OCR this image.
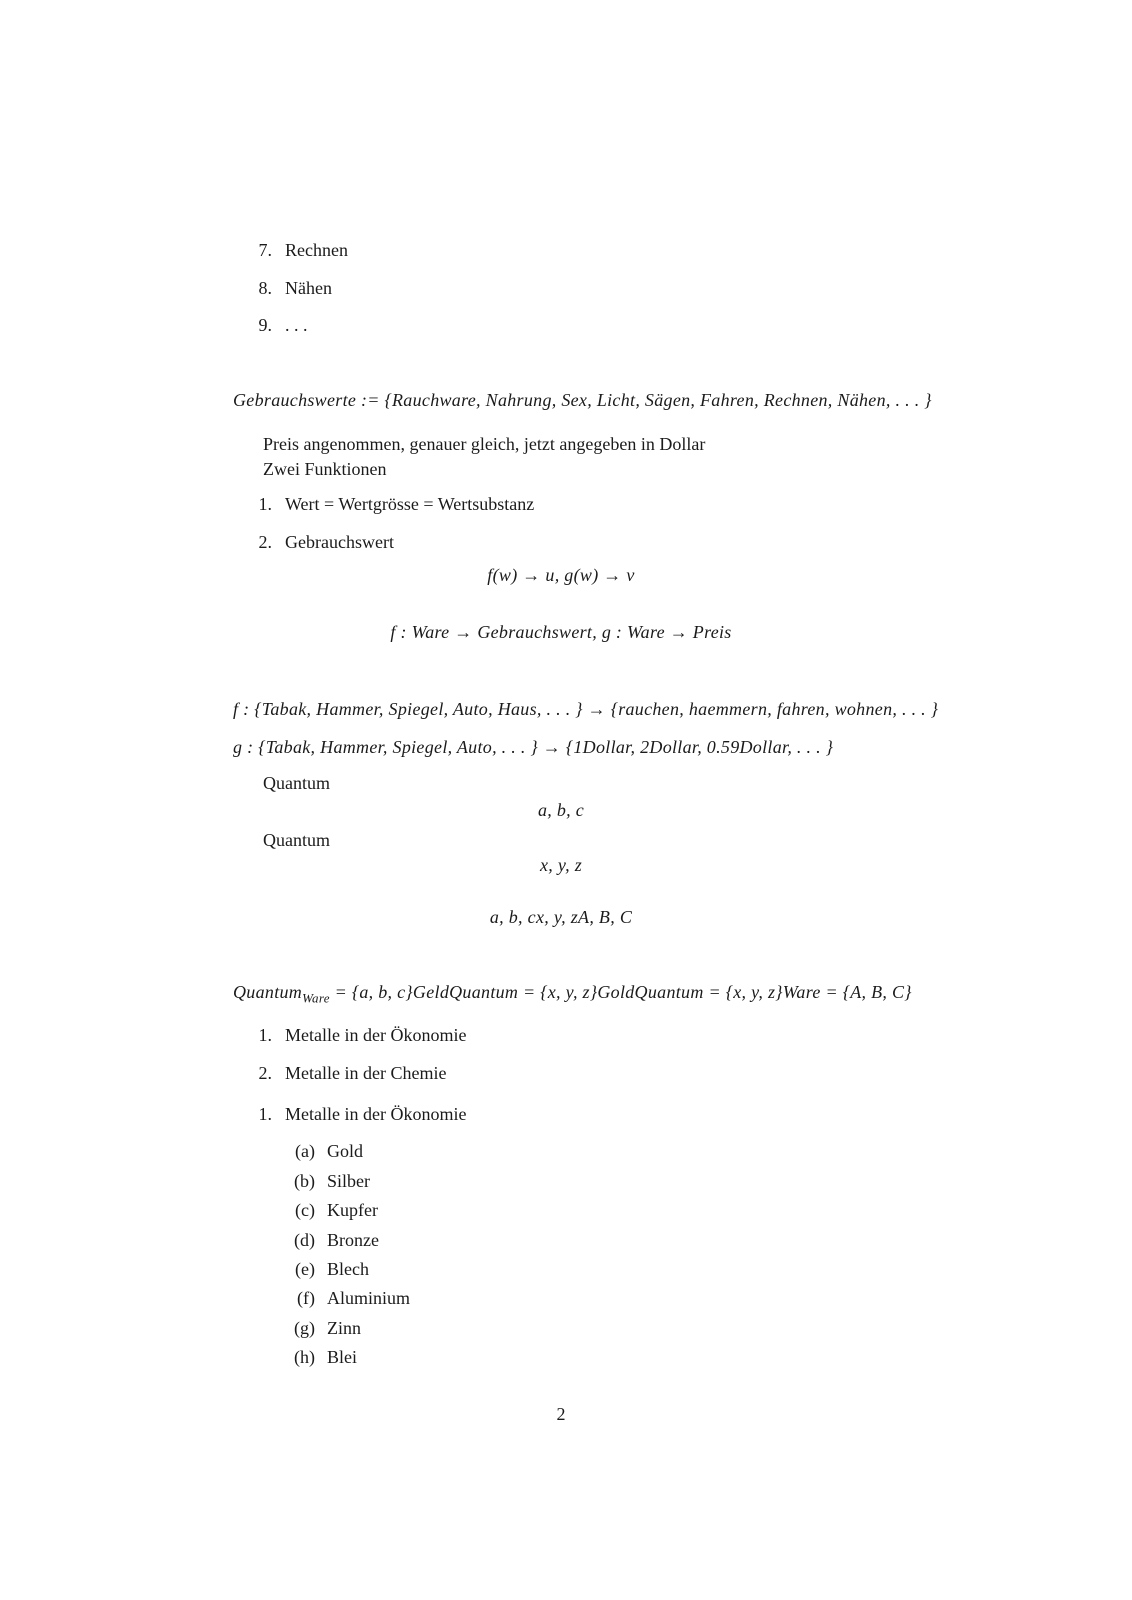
7. Rechnen
8. Nähen
9. . . .
Gebrauchswerte := {Rauchware, Nahrung, Sex, Licht, Sägen, Fahren, Rechnen, Nähen, . . . }
Preis angenommen, genauer gleich, jetzt angegeben in Dollar
Zwei Funktionen
1. Wert = Wertgrösse = Wertsubstanz
2. Gebrauchswert
f(w) → u, g(w) → v
f : Ware → Gebrauchswert, g : Ware → Preis
f : {Tabak, Hammer, Spiegel, Auto, Haus, . . . } → {rauchen, haemmern, fahren, wohnen, . . . }
g : {Tabak, Hammer, Spiegel, Auto, . . . } → {1Dollar, 2Dollar, 0.59Dollar, . . . }
Quantum
a, b, c
Quantum
x, y, z
a, b, cx, y, zA, B, C
Quantum$_{Ware}$ = {a, b, c}GeldQuantum = {x, y, z}GoldQuantum = {x, y, z}Ware = {A, B, C}
1. Metalle in der Ökonomie
2. Metalle in der Chemie
1. Metalle in der Ökonomie
(a) Gold
(b) Silber
(c) Kupfer
(d) Bronze
(e) Blech
(f) Aluminium
(g) Zinn
(h) Blei
2
